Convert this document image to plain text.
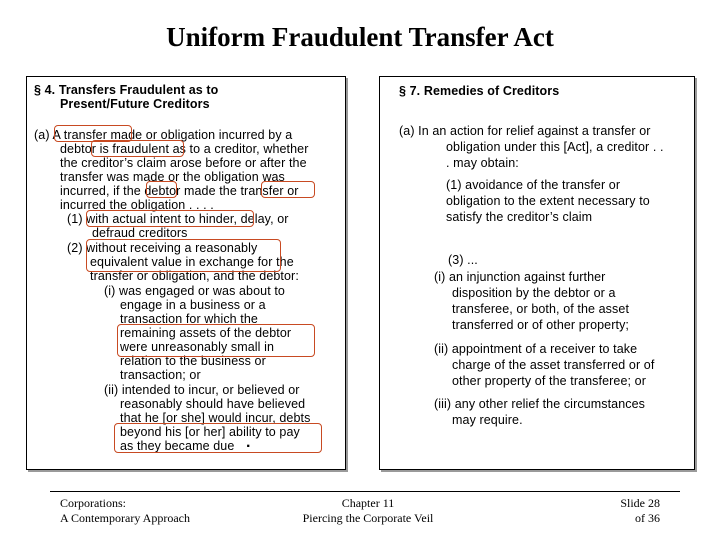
Uniform Fraudulent Transfer Act
§ 4. Transfers Fraudulent as to
Present/Future Creditors
(a) A transfer made or obligation incurred by a
debtor is fraudulent as to a creditor, whether
the creditor’s claim arose before or after the
transfer was made or the obligation was
incurred, if the debtor made the transfer or
incurred the obligation . . . .
(1) with actual intent to hinder, delay, or
defraud creditors
(2) without receiving a reasonably
equivalent value in exchange for the
transfer or obligation, and the debtor:
(i) was engaged or was about to
engage in a business or a
transaction for which the
remaining assets of the debtor
were unreasonably small in
relation to the business or
transaction; or
(ii) intended to incur, or believed or
reasonably should have believed
that he [or she] would incur, debts
beyond his [or her] ability to pay
as they became due .
§ 7. Remedies of Creditors
(a) In an action for relief against a transfer or
obligation under this [Act], a creditor . .
. may obtain:
(1) avoidance of the transfer or
obligation to the extent necessary to
satisfy the creditor’s claim
(3) ...
(i) an injunction against further
disposition by the debtor or a
transferee, or both, of the asset
transferred or of other property;
(ii) appointment of a receiver to take
charge of the asset transferred or of
other property of the transferee; or
(iii) any other relief the circumstances
may require.
Corporations:
A Contemporary Approach
Chapter 11
Piercing the Corporate Veil
Slide 28
of 36
